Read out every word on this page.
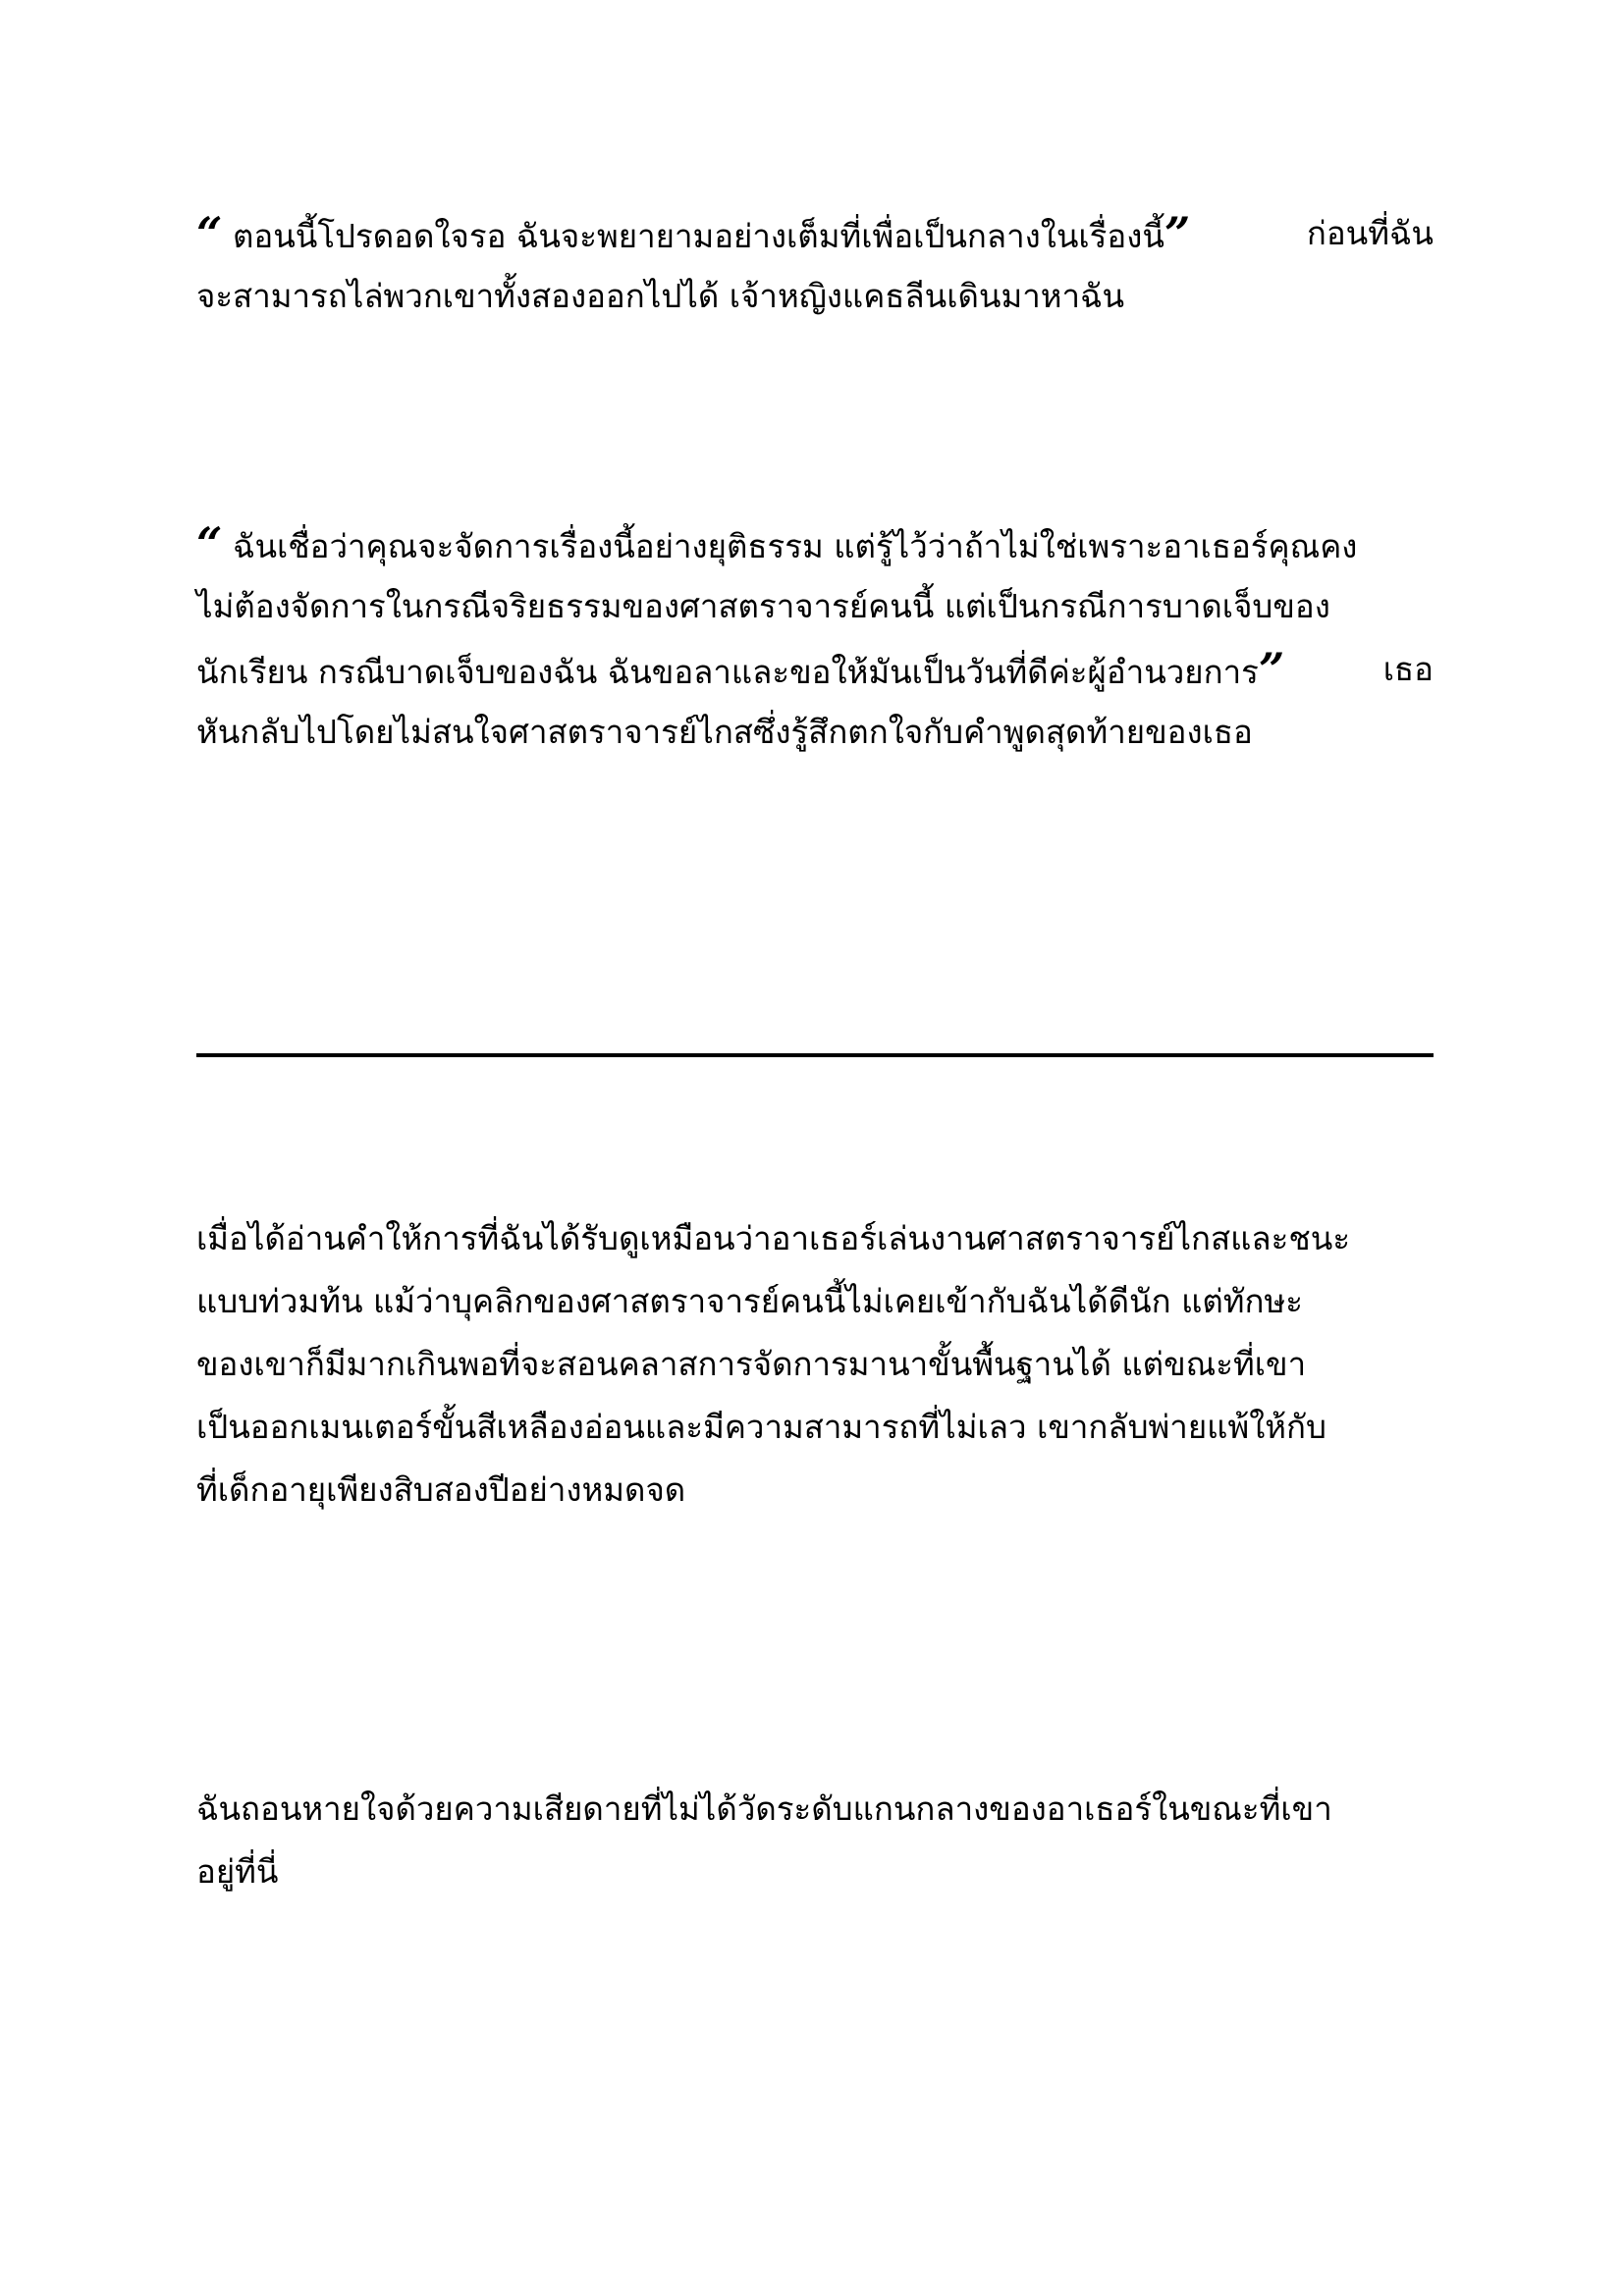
“ ตอนนี้โปรดอดใจรอ ฉันจะพยายามอย่างเต็มที่เพื่อเป็นกลางในเรื่องนี้”	ก่อนที่ฉัน
จะสามารถไล่พวกเขาทั้งสองออกไปได้ เจ้าหญิงแคธลีนเดินมาหาฉัน
“ ฉันเชื่อว่าคุณจะจัดการเรื่องนี้อย่างยุติธรรม แต่รู้ไว้ว่าถ้าไม่ใช่เพราะอาเธอร์คุณคง
ไม่ต้องจัดการในกรณีจริยธรรมของศาสตราจารย์คนนี้ แต่เป็นกรณีการบาดเจ็บของ
นักเรียน กรณีบาดเจ็บของฉัน ฉันขอลาและขอให้มันเป็นวันที่ดีค่ะผู้อำนวยการ”	เธอ
หันกลับไปโดยไม่สนใจศาสตราจารย์ไกสซึ่งรู้สึกตกใจกับคำพูดสุดท้ายของเธอ
เมื่อได้อ่านคำให้การที่ฉันได้รับดูเหมือนว่าอาเธอร์เล่นงานศาสตราจารย์ไกสและชนะ
แบบท่วมท้น แม้ว่าบุคลิกของศาสตราจารย์คนนี้ไม่เคยเข้ากับฉันได้ดีนัก แต่ทักษะ
ของเขาก็มีมากเกินพอที่จะสอนคลาสการจัดการมานาขั้นพื้นฐานได้ แต่ขณะที่เขา
เป็นออกเมนเตอร์ขั้นสีเหลืองอ่อนและมีความสามารถที่ไม่เลว เขากลับพ่ายแพ้ให้กับ
ที่เด็กอายุเพียงสิบสองปีอย่างหมดจด
ฉันถอนหายใจด้วยความเสียดายที่ไม่ได้วัดระดับแกนกลางของอาเธอร์ในขณะที่เขา
อยู่ที่นี่
